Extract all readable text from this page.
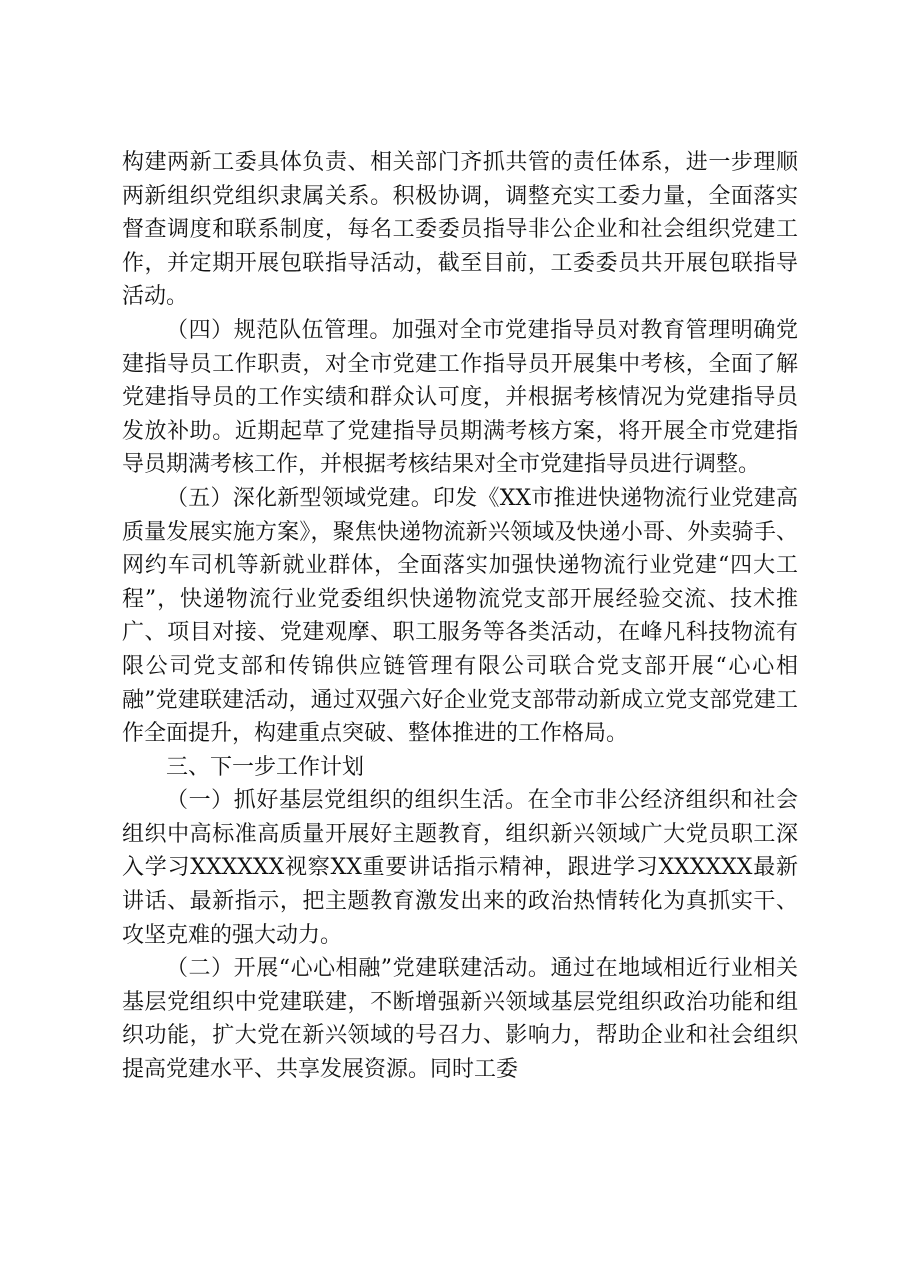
构建两新工委具体负责、相关部门齐抓共管的责任体系，进一步理顺两新组织党组织隶属关系。积极协调，调整充实工委力量，全面落实督查调度和联系制度，每名工委委员指导非公企业和社会组织党建工作，并定期开展包联指导活动，截至目前，工委委员共开展包联指导活动。

（四）规范队伍管理。加强对全市党建指导员对教育管理明确党建指导员工作职责，对全市党建工作指导员开展集中考核，全面了解党建指导员的工作实绩和群众认可度，并根据考核情况为党建指导员发放补助。近期起草了党建指导员期满考核方案，将开展全市党建指导员期满考核工作，并根据考核结果对全市党建指导员进行调整。

（五）深化新型领域党建。印发《XX市推进快递物流行业党建高质量发展实施方案》，聚焦快递物流新兴领域及快递小哥、外卖骑手、网约车司机等新就业群体，全面落实加强快递物流行业党建“四大工程”，快递物流行业党委组织快递物流党支部开展经验交流、技术推广、项目对接、党建观摩、职工服务等各类活动，在峰凡科技物流有限公司党支部和传锦供应链管理有限公司联合党支部开展“心心相融”党建联建活动，通过双强六好企业党支部带动新成立党支部党建工作全面提升，构建重点突破、整体推进的工作格局。

三、下一步工作计划

（一）抓好基层党组织的组织生活。在全市非公经济组织和社会组织中高标准高质量开展好主题教育，组织新兴领域广大党员职工深入学习XXXXXX视察XX重要讲话指示精神，跟进学习XXXXXX最新讲话、最新指示，把主题教育激发出来的政治热情转化为真抓实干、攻坚克难的强大动力。

（二）开展“心心相融”党建联建活动。通过在地域相近行业相关基层党组织中党建联建，不断增强新兴领域基层党组织政治功能和组织功能，扩大党在新兴领域的号召力、影响力，帮助企业和社会组织提高党建水平、共享发展资源。同时工委
